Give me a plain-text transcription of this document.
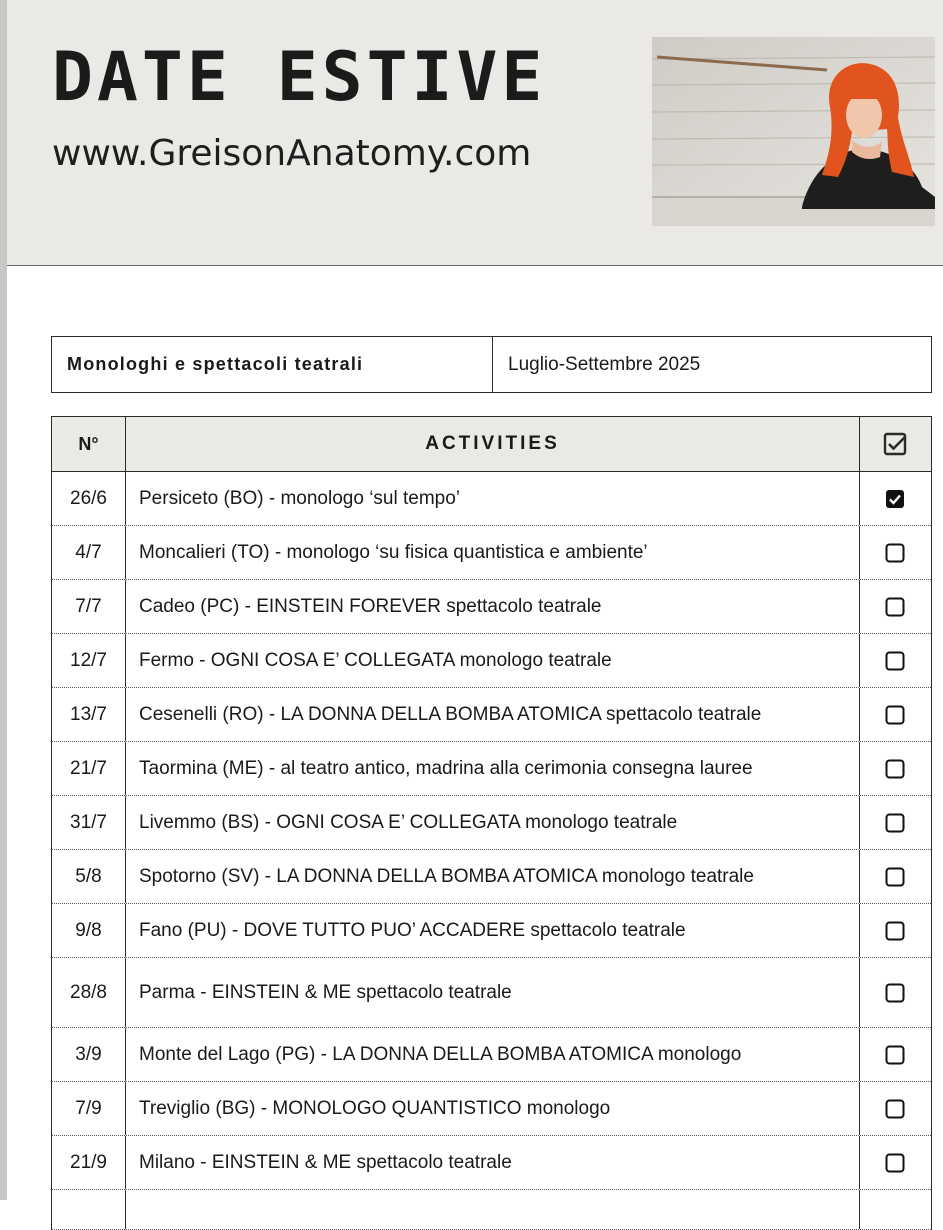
DATE ESTIVE
www.GreisonAnatomy.com
Monologhi e spettacoli teatrali	Luglio-Settembre 2025
N°	ACTIVITIES
26/6	Persiceto (BO) - monologo ‘sul tempo’
4/7	Moncalieri (TO) - monologo ‘su fisica quantistica e ambiente’
7/7	Cadeo (PC) - EINSTEIN FOREVER spettacolo teatrale
12/7	Fermo - OGNI COSA E’ COLLEGATA monologo teatrale
13/7	Cesenelli (RO) - LA DONNA DELLA BOMBA ATOMICA spettacolo teatrale
21/7	Taormina (ME) - al teatro antico, madrina alla cerimonia consegna lauree
31/7	Livemmo (BS) - OGNI COSA E’ COLLEGATA monologo teatrale
5/8	Spotorno (SV) - LA DONNA DELLA BOMBA ATOMICA monologo teatrale
9/8	Fano (PU) - DOVE TUTTO PUO’ ACCADERE spettacolo teatrale
28/8	Parma - EINSTEIN & ME spettacolo teatrale
3/9	Monte del Lago (PG) - LA DONNA DELLA BOMBA ATOMICA monologo
7/9	Treviglio (BG) - MONOLOGO QUANTISTICO monologo
21/9	Milano - EINSTEIN & ME spettacolo teatrale
